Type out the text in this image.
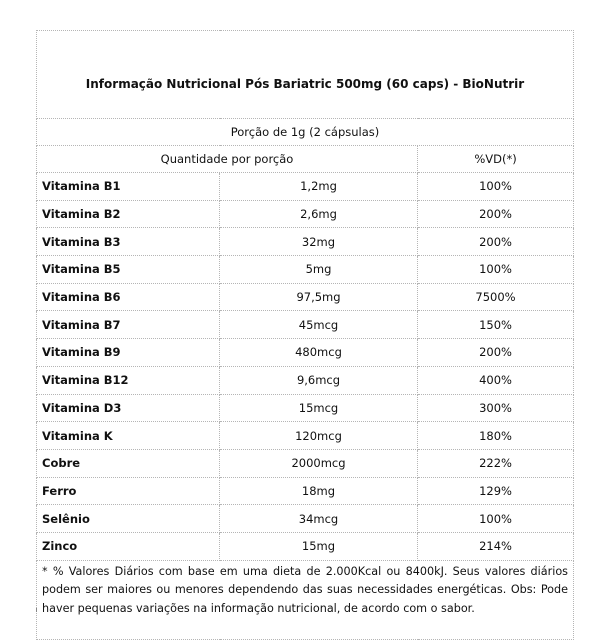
Informação Nutricional Pós Bariatric 500mg (60 caps) - BioNutrir		
Porção de 1g (2 cápsulas)		
Quantidade por porção		%VD(*)
Vitamina B1	1,2mg	100%
Vitamina B2	2,6mg	200%
Vitamina B3	32mg	200%
Vitamina B5	5mg	100%
Vitamina B6	97,5mg	7500%
Vitamina B7	45mcg	150%
Vitamina B9	480mcg	200%
Vitamina B12	9,6mcg	400%
Vitamina D3	15mcg	300%
Vitamina K	120mcg	180%
Cobre	2000mcg	222%
Ferro	18mg	129%
Selênio	34mcg	100%
Zinco	15mg	214%
* % Valores Diários com base em uma dieta de 2.000Kcal ou 8400kJ. Seus valores diários podem ser maiores ou menores dependendo das suas necessidades energéticas. Obs: Pode haver pequenas variações na informação nutricional, de acordo com o sabor.		
